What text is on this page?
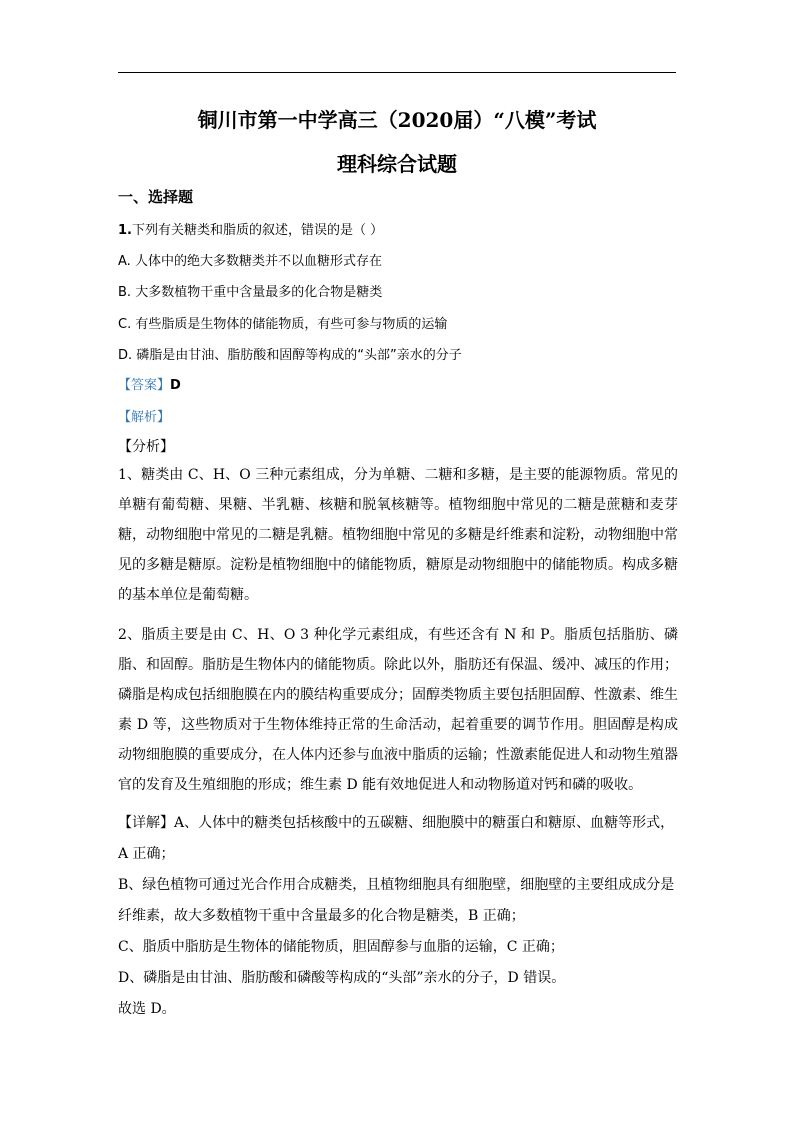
铜川市第一中学高三（2020届）“八模”考试
理科综合试题
一、选择题
1.下列有关糖类和脂质的叙述，错误的是（ ）
A. 人体中的绝大多数糖类并不以血糖形式存在
B. 大多数植物干重中含量最多的化合物是糖类
C. 有些脂质是生物体的储能物质，有些可参与物质的运输
D. 磷脂是由甘油、脂肪酸和固醇等构成的“头部”亲水的分子
【答案】D
【解析】
【分析】
1、糖类由 C、H、O 三种元素组成，分为单糖、二糖和多糖，是主要的能源物质。常见的单糖有葡萄糖、果糖、半乳糖、核糖和脱氧核糖等。植物细胞中常见的二糖是蔗糖和麦芽糖，动物细胞中常见的二糖是乳糖。植物细胞中常见的多糖是纤维素和淀粉，动物细胞中常见的多糖是糖原。淀粉是植物细胞中的储能物质，糖原是动物细胞中的储能物质。构成多糖的基本单位是葡萄糖。
2、脂质主要是由 C、H、O 3 种化学元素组成，有些还含有 N 和 P。脂质包括脂肪、磷脂、和固醇。脂肪是生物体内的储能物质。除此以外，脂肪还有保温、缓冲、减压的作用；磷脂是构成包括细胞膜在内的膜结构重要成分；固醇类物质主要包括胆固醇、性激素、维生素 D 等，这些物质对于生物体维持正常的生命活动，起着重要的调节作用。胆固醇是构成动物细胞膜的重要成分，在人体内还参与血液中脂质的运输；性激素能促进人和动物生殖器官的发育及生殖细胞的形成；维生素 D 能有效地促进人和动物肠道对钙和磷的吸收。
【详解】A、人体中的糖类包括核酸中的五碳糖、细胞膜中的糖蛋白和糖原、血糖等形式，
A 正确；
B、绿色植物可通过光合作用合成糖类，且植物细胞具有细胞壁，细胞壁的主要组成成分是
纤维素，故大多数植物干重中含量最多的化合物是糖类，B 正确；
C、脂质中脂肪是生物体的储能物质，胆固醇参与血脂的运输，C 正确；
D、磷脂是由甘油、脂肪酸和磷酸等构成的“头部”亲水的分子，D 错误。
故选 D。
